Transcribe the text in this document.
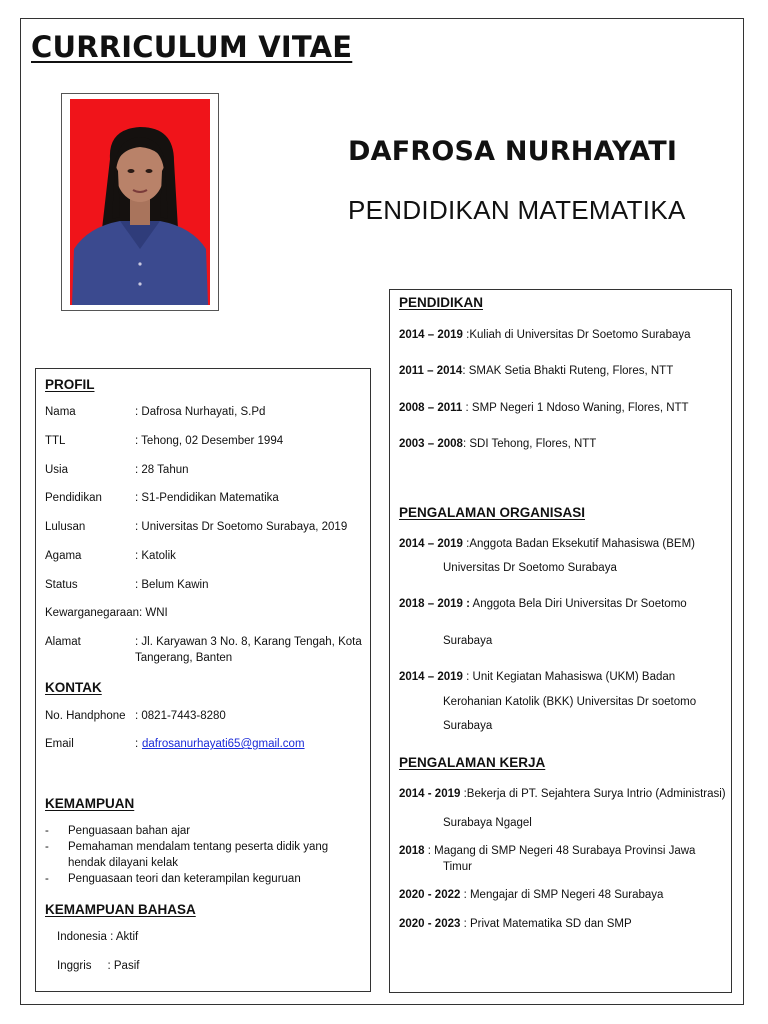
CURRICULUM VITAE
DAFROSA NURHAYATI
PENDIDIKAN MATEMATIKA
PROFIL
Nama	: Dafrosa Nurhayati, S.Pd
TTL	: Tehong, 02 Desember 1994
Usia	: 28 Tahun
Pendidikan	: S1-Pendidikan Matematika
Lulusan	: Universitas Dr Soetomo Surabaya, 2019
Agama	: Katolik
Status	: Belum Kawin
Kewarganegaraan : WNI
Alamat	: Jl. Karyawan 3 No. 8, Karang Tengah, Kota
Tangerang, Banten
KONTAK
No. Handphone : 0821-7443-8280
Email	: dafrosanurhayati65@gmail.com
KEMAMPUAN
- Penguasaan bahan ajar
- Pemahaman mendalam tentang peserta didik yang
hendak dilayani kelak
- Penguasaan teori dan keterampilan keguruan
KEMAMPUAN BAHASA
Indonesia : Aktif
Inggris     : Pasif
PENDIDIKAN
2014 – 2019 :Kuliah di Universitas Dr Soetomo Surabaya
2011 – 2014: SMAK Setia Bhakti Ruteng, Flores, NTT
2008 – 2011 : SMP Negeri 1 Ndoso Waning, Flores, NTT
2003 – 2008: SDI Tehong, Flores, NTT
PENGALAMAN ORGANISASI
2014 – 2019 :Anggota Badan Eksekutif Mahasiswa (BEM)
Universitas Dr Soetomo Surabaya
2018 – 2019 : Anggota Bela Diri Universitas Dr Soetomo
Surabaya
2014 – 2019 : Unit Kegiatan Mahasiswa (UKM) Badan
Kerohanian Katolik (BKK) Universitas Dr soetomo
Surabaya
PENGALAMAN KERJA
2014 - 2019 :Bekerja di PT. Sejahtera Surya Intrio (Administrasi)
Surabaya Ngagel
2018 : Magang di SMP Negeri 48 Surabaya Provinsi Jawa
Timur
2020 - 2022 : Mengajar di SMP Negeri 48 Surabaya
2020 - 2023 : Privat Matematika SD dan SMP
